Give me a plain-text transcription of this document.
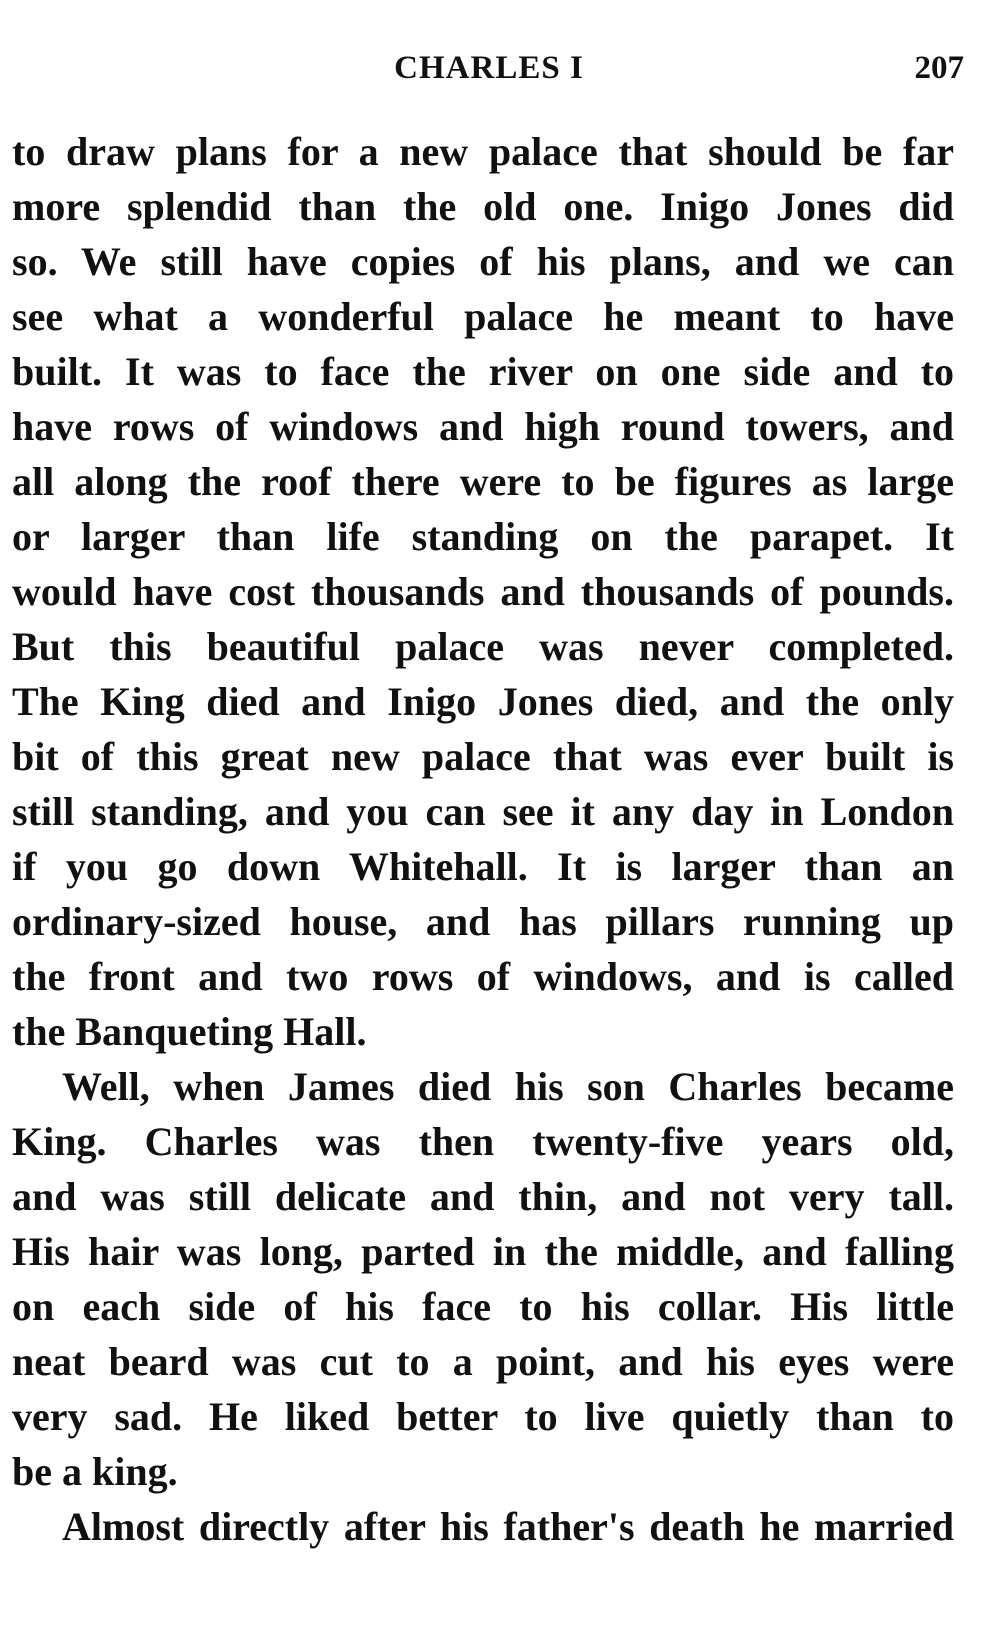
CHARLES I	207
to draw plans for a new palace that should be far
more splendid than the old one. Inigo Jones did
so. We still have copies of his plans, and we can
see what a wonderful palace he meant to have
built. It was to face the river on one side and to
have rows of windows and high round towers, and
all along the roof there were to be figures as large
or larger than life standing on the parapet. It
would have cost thousands and thousands of pounds.
But this beautiful palace was never completed.
The King died and Inigo Jones died, and the only
bit of this great new palace that was ever built is
still standing, and you can see it any day in London
if you go down Whitehall. It is larger than an
ordinary-sized house, and has pillars running up
the front and two rows of windows, and is called
the Banqueting Hall.
Well, when James died his son Charles became
King. Charles was then twenty-five years old,
and was still delicate and thin, and not very tall.
His hair was long, parted in the middle, and falling
on each side of his face to his collar. His little
neat beard was cut to a point, and his eyes were
very sad. He liked better to live quietly than to
be a king.
Almost directly after his father's death he married
